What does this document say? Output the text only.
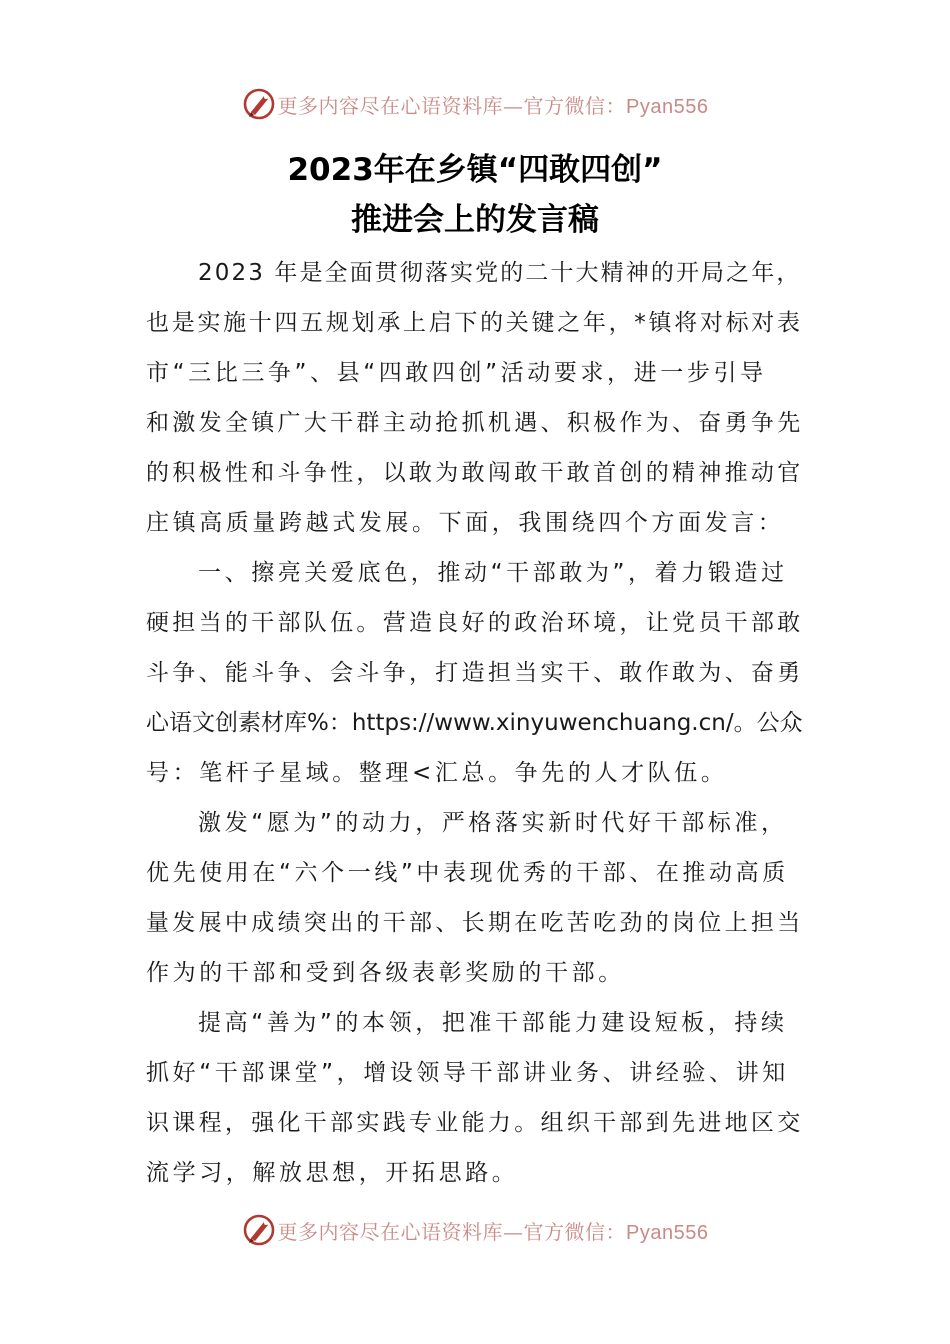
更多内容尽在心语资料库—官方微信：Pyan556
2023年在乡镇“四敢四创”
推进会上的发言稿
2023 年是全面贯彻落实党的二十大精神的开局之年，
也是实施十四五规划承上启下的关键之年，*镇将对标对表
市“三比三争”、县“四敢四创”活动要求，进一步引导
和激发全镇广大干群主动抢抓机遇、积极作为、奋勇争先
的积极性和斗争性，以敢为敢闯敢干敢首创的精神推动官
庄镇高质量跨越式发展。下面，我围绕四个方面发言：
一、擦亮关爱底色，推动“干部敢为”，着力锻造过
硬担当的干部队伍。营造良好的政治环境，让党员干部敢
斗争、能斗争、会斗争，打造担当实干、敢作敢为、奋勇
心语文创素材库%：https://www.xinyuwenchuang.cn/。公众
号：笔杆子星域。整理<汇总。争先的人才队伍。
激发“愿为”的动力，严格落实新时代好干部标准，
优先使用在“六个一线”中表现优秀的干部、在推动高质
量发展中成绩突出的干部、长期在吃苦吃劲的岗位上担当
作为的干部和受到各级表彰奖励的干部。
提高“善为”的本领，把准干部能力建设短板，持续
抓好“干部课堂”，增设领导干部讲业务、讲经验、讲知
识课程，强化干部实践专业能力。组织干部到先进地区交
流学习，解放思想，开拓思路。
更多内容尽在心语资料库—官方微信：Pyan556
